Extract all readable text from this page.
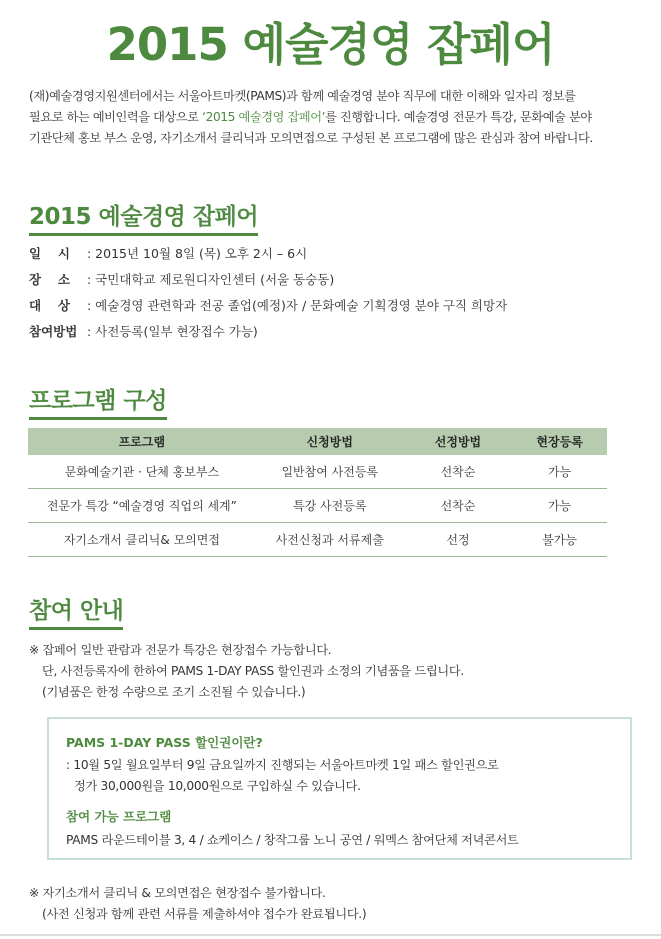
2015 예술경영 잡페어
(재)예술경영지원센터에서는 서울아트마켓(PAMS)과 함께 예술경영 분야 직무에 대한 이해와 일자리 정보를
필요로 하는 예비인력을 대상으로 ‘2015 예술경영 잡페어’를 진행합니다. 예술경영 전문가 특강, 문화예술 분야
기관단체 홍보 부스 운영, 자기소개서 클리닉과 모의면접으로 구성된 본 프로그램에 많은 관심과 참여 바랍니다.
2015 예술경영 잡페어
일　 시 : 2015년 10월 8일 (목) 오후 2시 – 6시
장　 소 : 국민대학교 제로원디자인센터 (서울 동숭동)
대　 상 : 예술경영 관련학과 전공 졸업(예정)자 / 문화예술 기획경영 분야 구직 희망자
참여방법 : 사전등록(일부 현장접수 가능)
프로그램 구성
프로그램	신청방법	선정방법	현장등록
문화예술기관 · 단체 홍보부스	일반참여 사전등록	선착순	가능
전문가 특강 “예술경영 직업의 세계”	특강 사전등록	선착순	가능
자기소개서 클리닉& 모의면접	사전신청과 서류제출	선정	불가능
참여 안내
※ 잡페어 일반 관람과 전문가 특강은 현장접수 가능합니다.
단, 사전등록자에 한하여 PAMS 1-DAY PASS 할인권과 소정의 기념품을 드립니다.
(기념품은 한정 수량으로 조기 소진될 수 있습니다.)
PAMS 1-DAY PASS 할인권이란?
: 10월 5일 월요일부터 9일 금요일까지 진행되는 서울아트마켓 1일 패스 할인권으로
정가 30,000원을 10,000원으로 구입하실 수 있습니다.
참여 가능 프로그램
PAMS 라운드테이블 3, 4 / 쇼케이스 / 창작그룹 노니 공연 / 워멕스 참여단체 저녁콘서트
※ 자기소개서 클리닉 & 모의면접은 현장접수 불가합니다.
(사전 신청과 함께 관련 서류를 제출하셔야 접수가 완료됩니다.)
